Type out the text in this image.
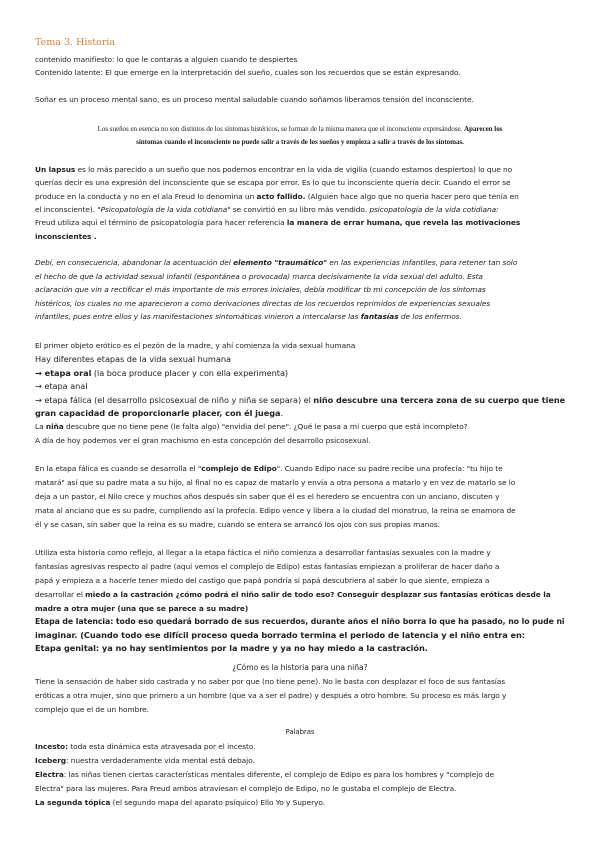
Tema 3. Historia
contenido manifiesto: lo que le contaras a alguien cuando te despiertes
Contenido latente: El que emerge en la interpretación del sueño, cuales son los recuerdos que se están expresando.
Soñar es un proceso mental sano, es un proceso mental saludable cuando soñamos liberamos tensión del inconsciente.
Los sueños en esencia no son distintos de los síntomas histéricos, se forman de la misma manera que el inconsciente expresándose. Aparecen los
síntomas cuando el inconsciente no puede salir a través de los sueños y empieza a salir a través de los síntomas.
Un lapsus es lo más parecido a un sueño que nos podemos encontrar en la vida de vigilia (cuando estamos despiertos) lo que no
querías decir es una expresión del inconsciente que se escapa por error. Es lo que tu inconsciente quería decir. Cuando el error se
produce en la conducta y no en el ala Freud lo denomina un acto fallido. (Alguien hace algo que no quería hacer pero que tenía en
el inconsciente). "Psicopatología de la vida cotidiana" se convirtió en su libro más vendido. psicopatología de la vida cotidiana:
Freud utiliza aquí el término de psicopatología para hacer referencia la manera de errar humana, que revela las motivaciones
inconscientes .
Debí, en consecuencia, abandonar la acentuación del elemento "traumático" en las experiencias infantiles, para retener tan solo
el hecho de que la actividad sexual infantil (espontánea o provocada) marca decisivamente la vida sexual del adulto. Esta
aclaración que vin a rectificar el más importante de mis errores iniciales, debía modificar tb mi concepción de los síntomas
histéricos, los cuales no me aparecieron a como derivaciones directas de los recuerdos reprimidos de experiencias sexuales
infantiles, pues entre ellos y las manifestaciones sintomáticas vinieron a intercalarse las fantasías de los enfermos.
El primer objeto erótico es el pezón de la madre, y ahí comienza la vida sexual humana
Hay diferentes etapas de la vida sexual humana
→ etapa oral (la boca produce placer y con ella experimenta)
→ etapa anal
→ etapa fálica (el desarrollo psicosexual de niño y niña se separa) el niño descubre una tercera zona de su cuerpo que tiene
gran capacidad de proporcionarle placer, con él juega.
La niña descubre que no tiene pene (le falta algo) "envidia del pene". ¿Qué le pasa a mi cuerpo que está incompleto?
A día de hoy podemos ver el gran machismo en esta concepción del desarrollo psicosexual.
En la etapa fálica es cuando se desarrolla el "complejo de Edipo". Cuando Edipo nace su padre recibe una profecía: "tu hijo te
matará" así que su padre mata a su hijo, al final no es capaz de matarlo y envía a otra persona a matarlo y en vez de matarlo se lo
deja a un pastor, el Nilo crece y muchos años después sin saber que él es el heredero se encuentra con un anciano, discuten y
mata al anciano que es su padre, cumpliendo así la profecía. Edipo vence y libera a la ciudad del monstruo, la reina se enamora de
él y se casan, sin saber que la reina es su madre, cuando se entera se arrancó los ojos con sus propias manos.
Utiliza esta historia como reflejo, al llegar a la etapa fáctica el niño comienza a desarrollar fantasías sexuales con la madre y
fantasías agresivas respecto al padre (aquí vemos el complejo de Edipo) estas fantasías empiezan a proliferar de hacer daño a
papá y empieza a a hacerle tener miedo del castigo que papá pondría si papá descubriera al saber lo que siente, empieza a
desarrollar el miedo a la castración ¿cómo podrá el niño salir de todo eso? Conseguir desplazar sus fantasías eróticas desde la
madre a otra mujer (una que se parece a su madre)
Etapa de latencia: todo eso quedará borrado de sus recuerdos, durante años el niño borra lo que ha pasado, no lo pude ni
imaginar. (Cuando todo ese difícil proceso queda borrado termina el periodo de latencia y el niño entra en:
Etapa genital: ya no hay sentimientos por la madre y ya no hay miedo a la castración.
¿Cómo es la historia para una niña?
Tiene la sensación de haber sido castrada y no saber por que (no tiene pene). No le basta con desplazar el foco de sus fantasías
eróticas a otra mujer, sino que primero a un hombre (que va a ser el padre) y después a otro hombre. Su proceso es más largo y
complejo que el de un hombre.
Palabras
Incesto: toda esta dinámica esta atravesada por el incesto.
Iceberg: nuestra verdaderamente vida mental está debajo.
Electra: las niñas tienen ciertas características mentales diferente, el complejo de Edipo es para los hombres y "complejo de
Electra" para las mujeres. Para Freud ambos atraviesan el complejo de Edipo, no le gustaba el complejo de Electra.
La segunda tópica (el segundo mapa del aparato psíquico) Ello Yo y Superyo.
